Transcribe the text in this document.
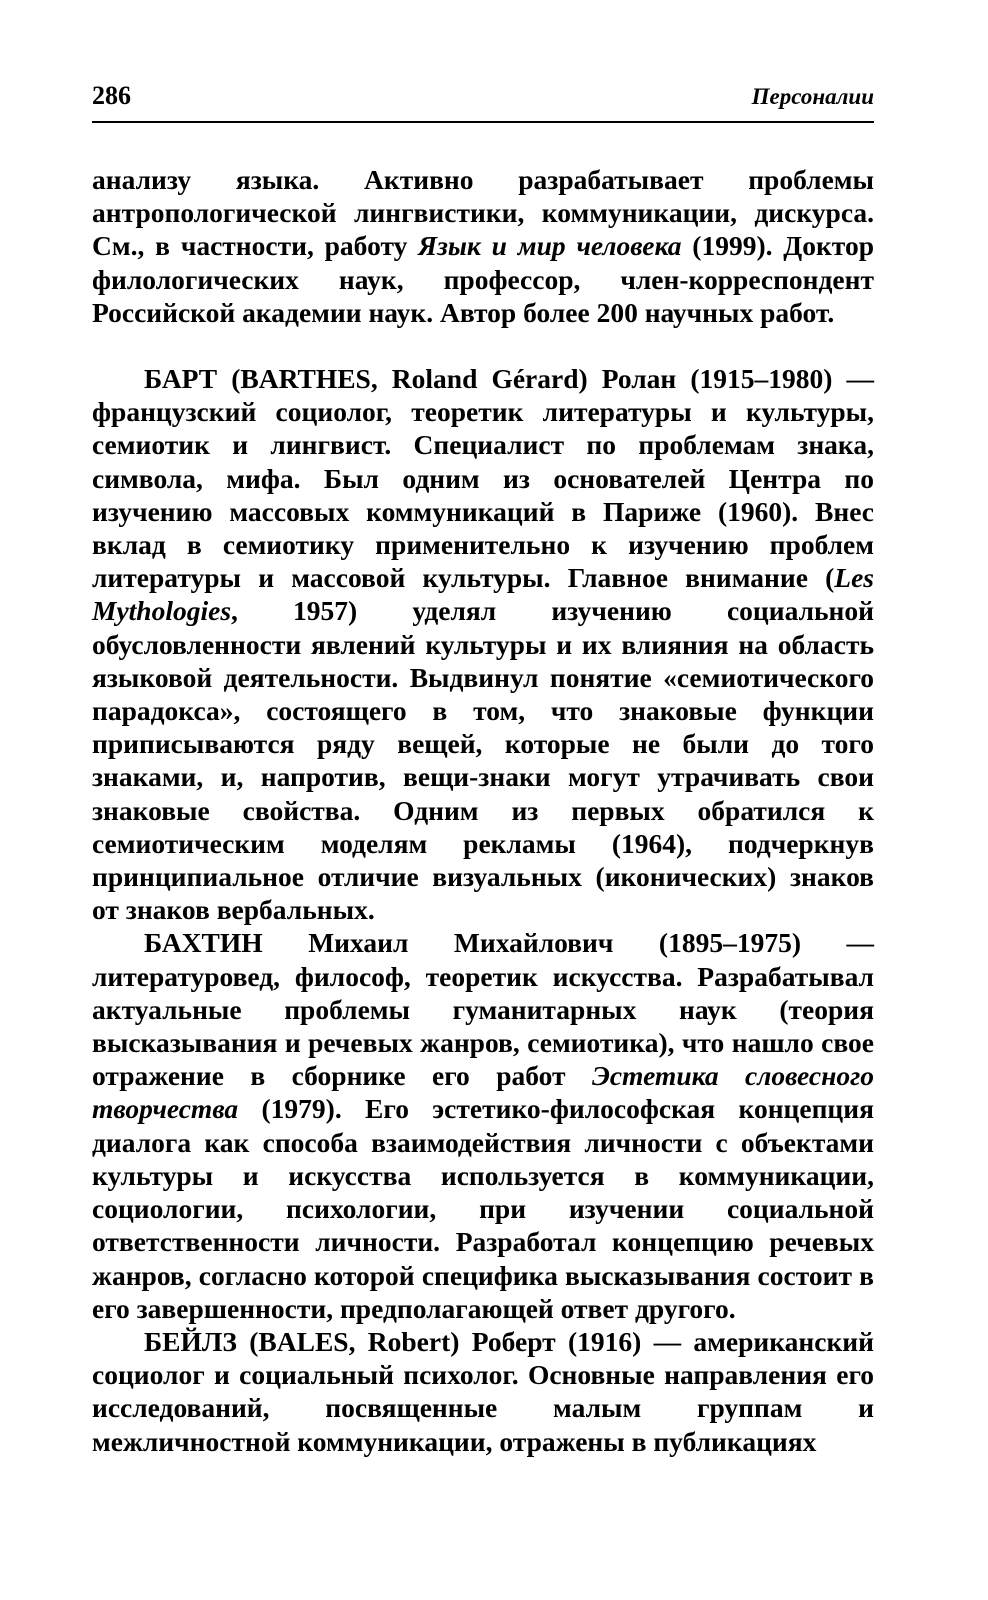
286	Персоналии

анализу языка. Активно разрабатывает проблемы антропологической лингвистики, коммуникации, дискурса. См., в частности, работу Язык и мир человека (1999). Доктор филологических наук, профессор, член-корреспондент Российской академии наук. Автор более 200 научных работ.

БАРТ (BARTHES, Roland Gérard) Ролан (1915–1980) — французский социолог, теоретик литературы и культуры, семиотик и лингвист. Специалист по проблемам знака, символа, мифа. Был одним из основателей Центра по изучению массовых коммуникаций в Париже (1960). Внес вклад в семиотику применительно к изучению проблем литературы и массовой культуры. Главное внимание (Les Mythologies, 1957) уделял изучению социальной обусловленности явлений культуры и их влияния на область языковой деятельности. Выдвинул понятие «семиотического парадокса», состоящего в том, что знаковые функции приписываются ряду вещей, которые не были до того знаками, и, напротив, вещи-знаки могут утрачивать свои знаковые свойства. Одним из первых обратился к семиотическим моделям рекламы (1964), подчеркнув принципиальное отличие визуальных (иконических) знаков от знаков вербальных.

БАХТИН Михаил Михайлович (1895–1975) — литературовед, философ, теоретик искусства. Разрабатывал актуальные проблемы гуманитарных наук (теория высказывания и речевых жанров, семиотика), что нашло свое отражение в сборнике его работ Эстетика словесного творчества (1979). Его эстетико-философская концепция диалога как способа взаимодействия личности с объектами культуры и искусства используется в коммуникации, социологии, психологии, при изучении социальной ответственности личности. Разработал концепцию речевых жанров, согласно которой специфика высказывания состоит в его завершенности, предполагающей ответ другого.

БЕЙЛЗ (BALES, Robert) Роберт (1916) — американский социолог и социальный психолог. Основные направления его исследований, посвященные малым группам и межличностной коммуникации, отражены в публикациях
